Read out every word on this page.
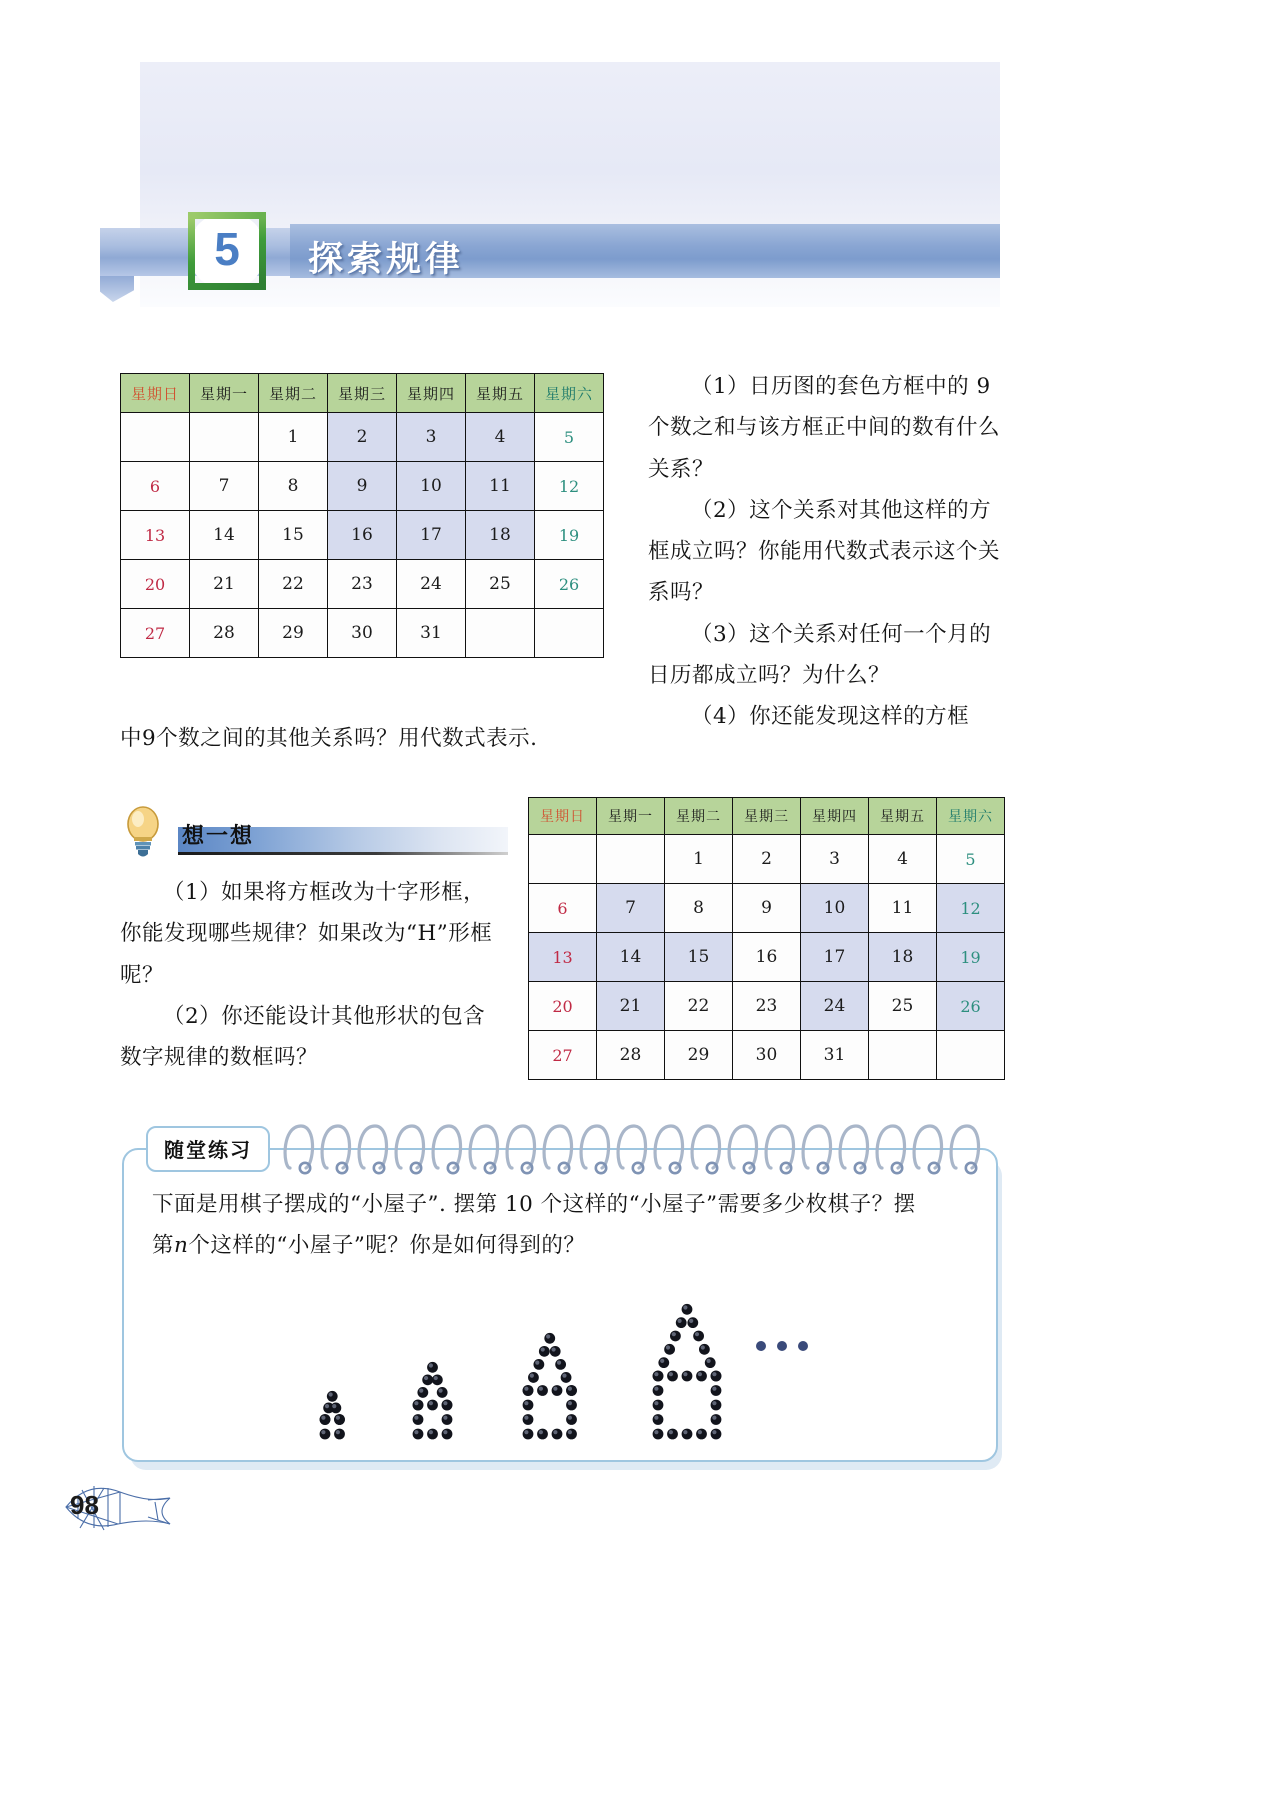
5 探索规律
星期日	星期一	星期二	星期三	星期四	星期五	星期六
		1	2	3	4	5
6	7	8	9	10	11	12
13	14	15	16	17	18	19
20	21	22	23	24	25	26
27	28	29	30	31		
（1）日历图的套色方框中的 9 个数之和与该方框正中间的数有什么关系？
（2）这个关系对其他这样的方框成立吗？你能用代数式表示这个关系吗？
（3）这个关系对任何一个月的日历都成立吗？为什么？
（4）你还能发现这样的方框
中9个数之间的其他关系吗？用代数式表示.
想一想
（1）如果将方框改为十字形框，你能发现哪些规律？如果改为“H”形框呢？
（2）你还能设计其他形状的包含数字规律的数框吗？
星期日	星期一	星期二	星期三	星期四	星期五	星期六
		1	2	3	4	5
6	7	8	9	10	11	12
13	14	15	16	17	18	19
20	21	22	23	24	25	26
27	28	29	30	31		
随堂练习
下面是用棋子摆成的“小屋子”. 摆第 10 个这样的“小屋子”需要多少枚棋子？摆
第n个这样的“小屋子”呢？你是如何得到的？
98
